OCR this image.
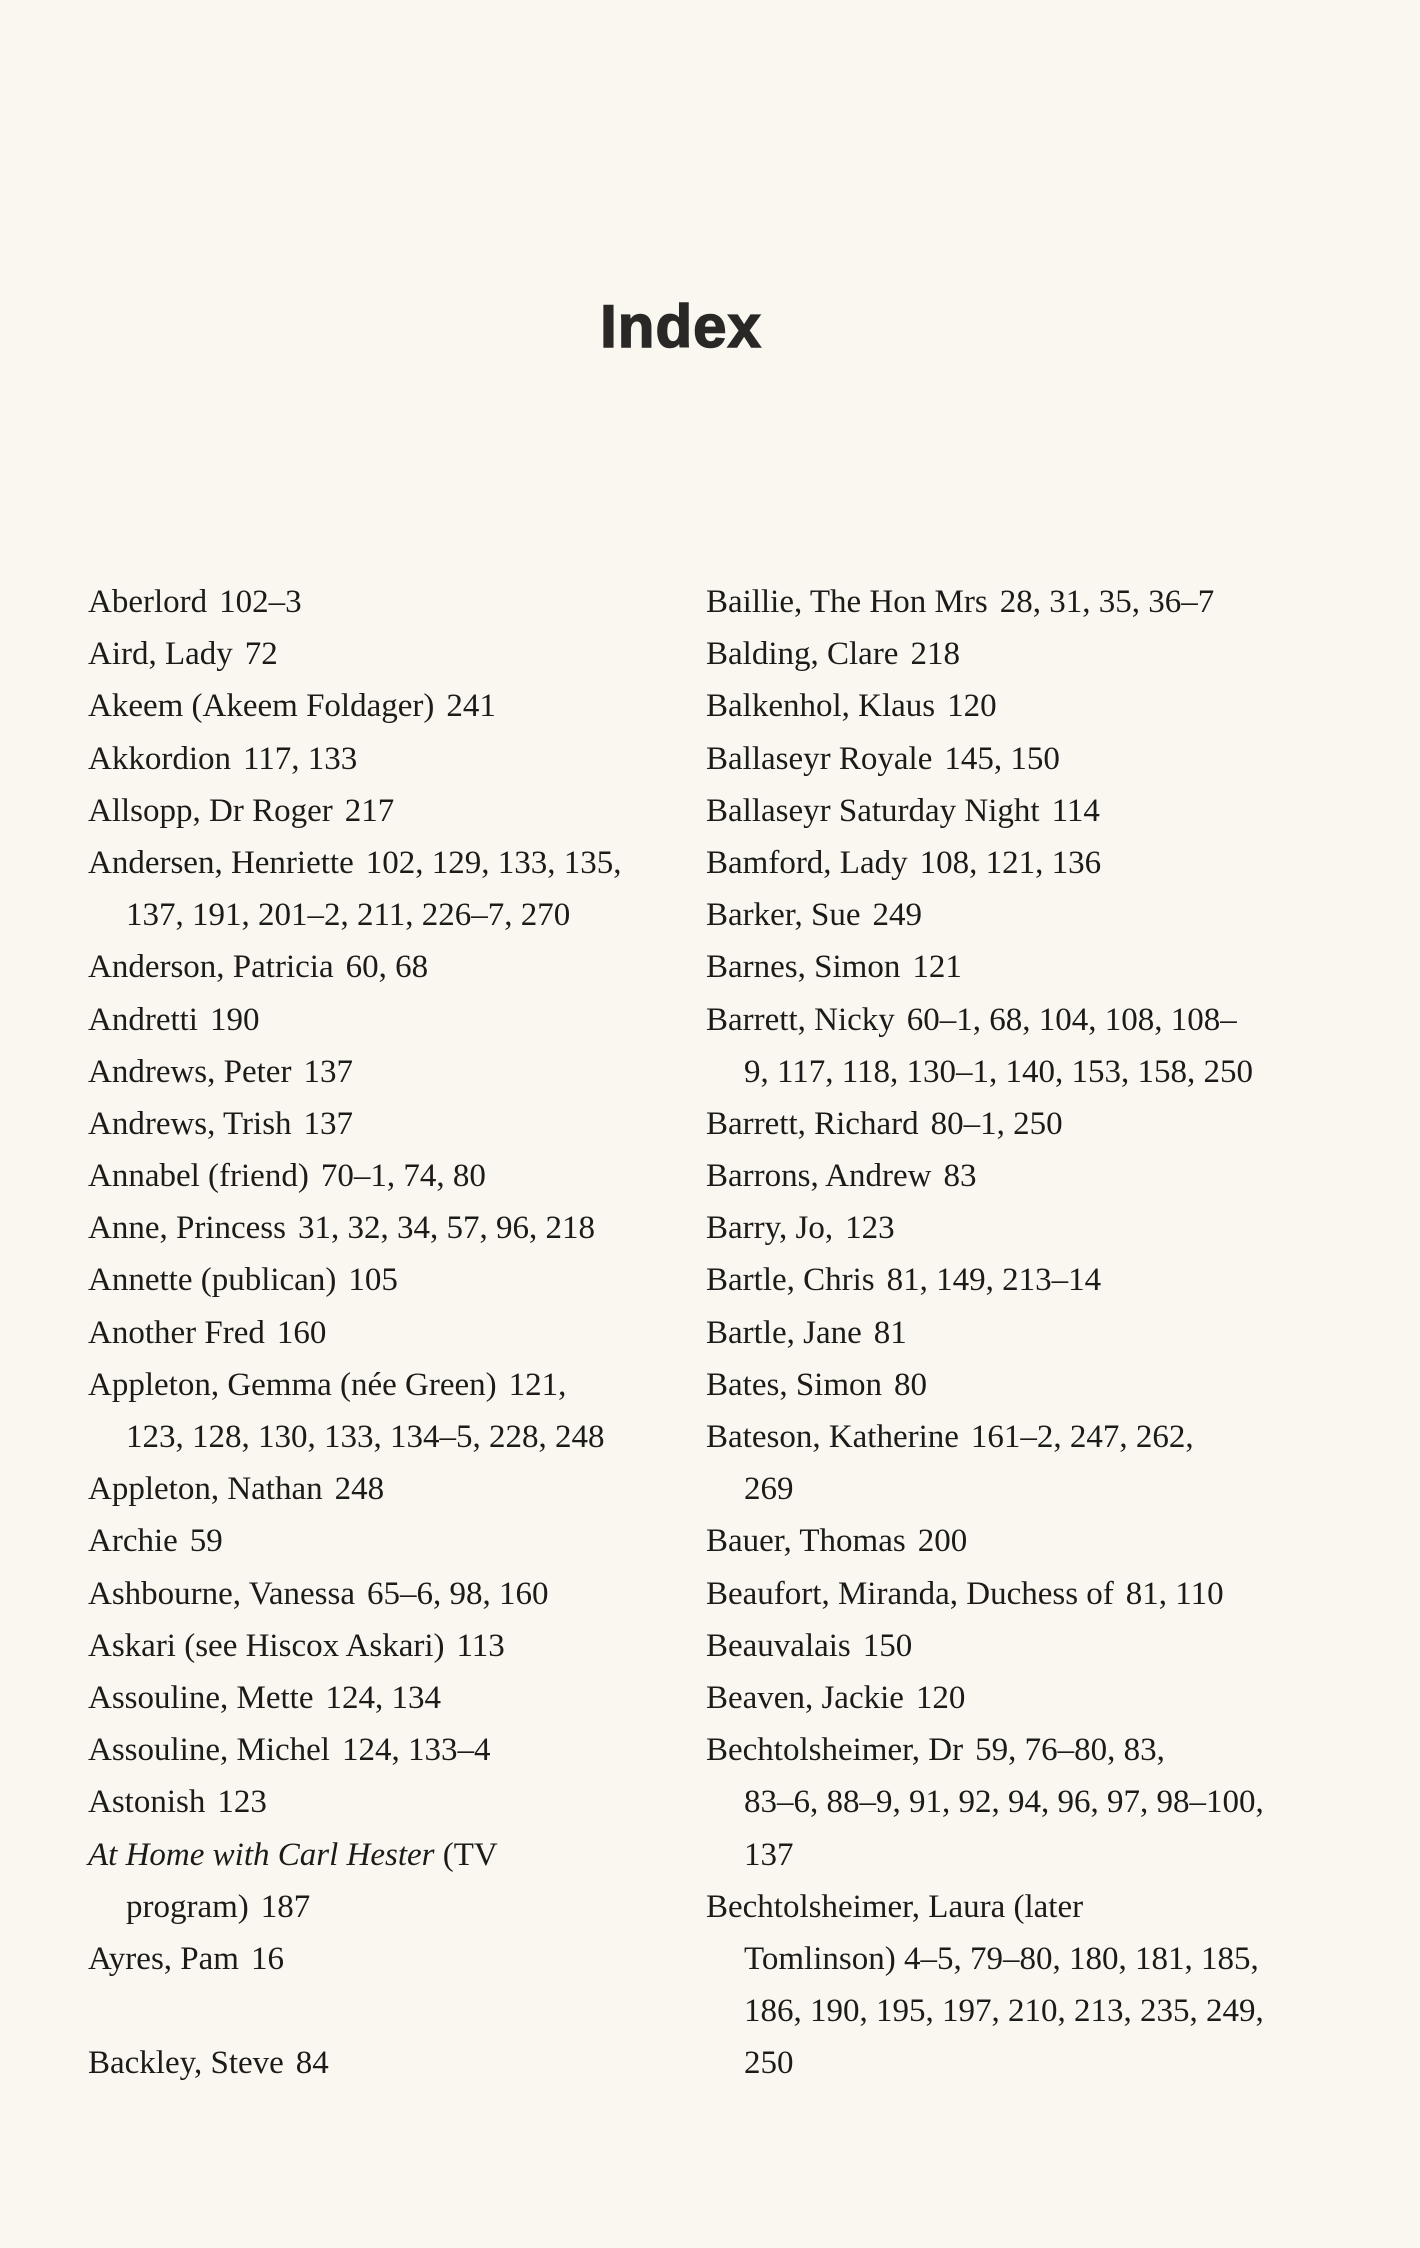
Index
Aberlord 102–3
Aird, Lady 72
Akeem (Akeem Foldager) 241
Akkordion 117, 133
Allsopp, Dr Roger 217
Andersen, Henriette 102, 129, 133, 135,
137, 191, 201–2, 211, 226–7, 270
Anderson, Patricia 60, 68
Andretti 190
Andrews, Peter 137
Andrews, Trish 137
Annabel (friend) 70–1, 74, 80
Anne, Princess 31, 32, 34, 57, 96, 218
Annette (publican) 105
Another Fred 160
Appleton, Gemma (née Green) 121,
123, 128, 130, 133, 134–5, 228, 248
Appleton, Nathan 248
Archie 59
Ashbourne, Vanessa 65–6, 98, 160
Askari (see Hiscox Askari) 113
Assouline, Mette 124, 134
Assouline, Michel 124, 133–4
Astonish 123
At Home with Carl Hester (TV
program) 187
Ayres, Pam 16
Backley, Steve 84
Baillie, The Hon Mrs 28, 31, 35, 36–7
Balding, Clare 218
Balkenhol, Klaus 120
Ballaseyr Royale 145, 150
Ballaseyr Saturday Night 114
Bamford, Lady 108, 121, 136
Barker, Sue 249
Barnes, Simon 121
Barrett, Nicky 60–1, 68, 104, 108, 108–
9, 117, 118, 130–1, 140, 153, 158, 250
Barrett, Richard 80–1, 250
Barrons, Andrew 83
Barry, Jo, 123
Bartle, Chris 81, 149, 213–14
Bartle, Jane 81
Bates, Simon 80
Bateson, Katherine 161–2, 247, 262,
269
Bauer, Thomas 200
Beaufort, Miranda, Duchess of 81, 110
Beauvalais 150
Beaven, Jackie 120
Bechtolsheimer, Dr 59, 76–80, 83,
83–6, 88–9, 91, 92, 94, 96, 97, 98–100,
137
Bechtolsheimer, Laura (later
Tomlinson) 4–5, 79–80, 180, 181, 185,
186, 190, 195, 197, 210, 213, 235, 249,
250
